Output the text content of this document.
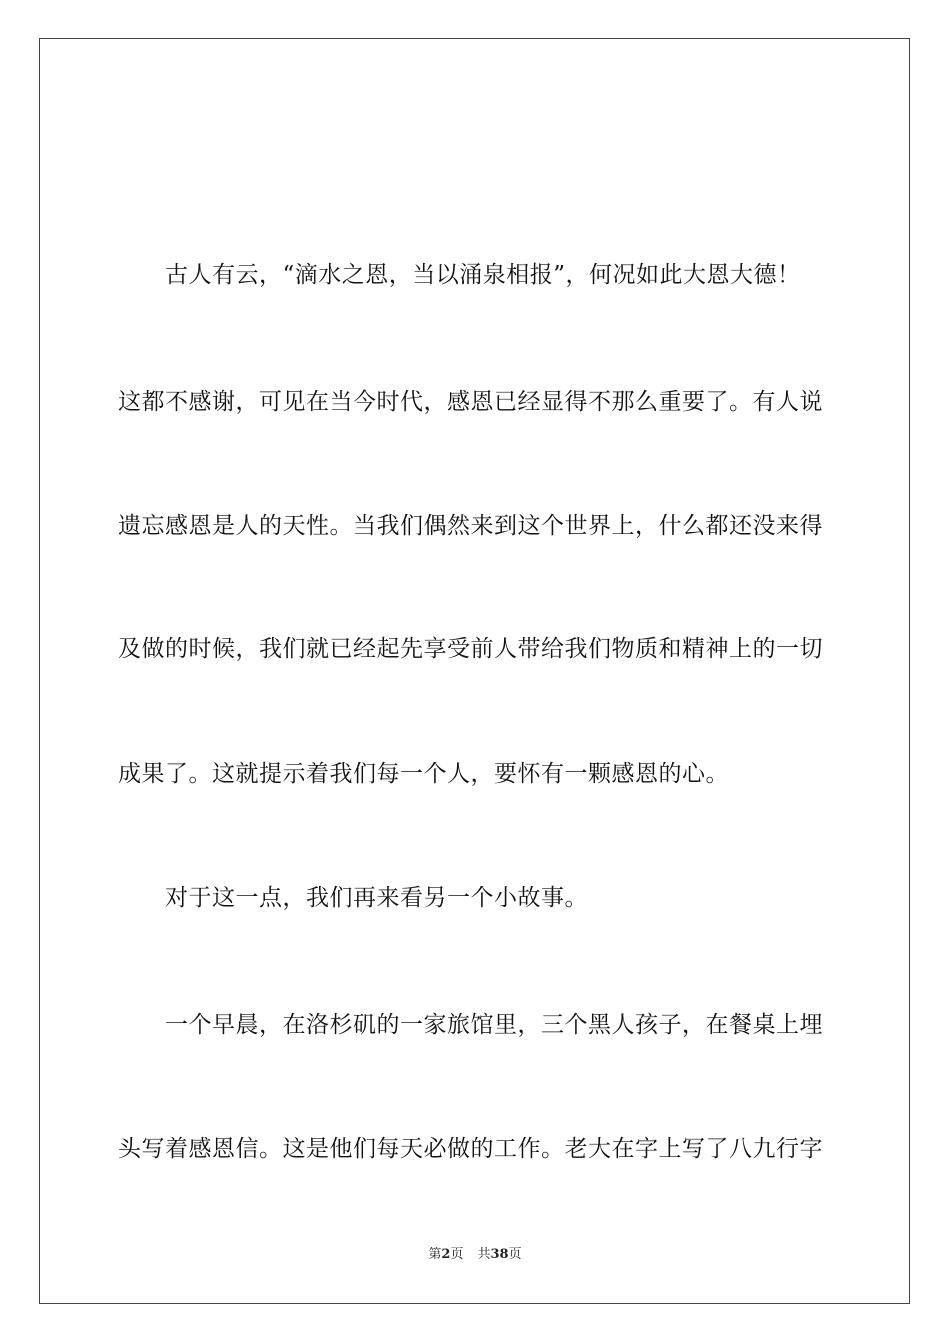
古人有云，“滴水之恩，当以涌泉相报”，何况如此大恩大德！
这都不感谢，可见在当今时代，感恩已经显得不那么重要了。有人说
遗忘感恩是人的天性。当我们偶然来到这个世界上，什么都还没来得
及做的时候，我们就已经起先享受前人带给我们物质和精神上的一切
成果了。这就提示着我们每一个人，要怀有一颗感恩的心。
对于这一点，我们再来看另一个小故事。
一个早晨，在洛杉矶的一家旅馆里，三个黑人孩子，在餐桌上埋
头写着感恩信。这是他们每天必做的工作。老大在字上写了八九行字
第2页 共38页
